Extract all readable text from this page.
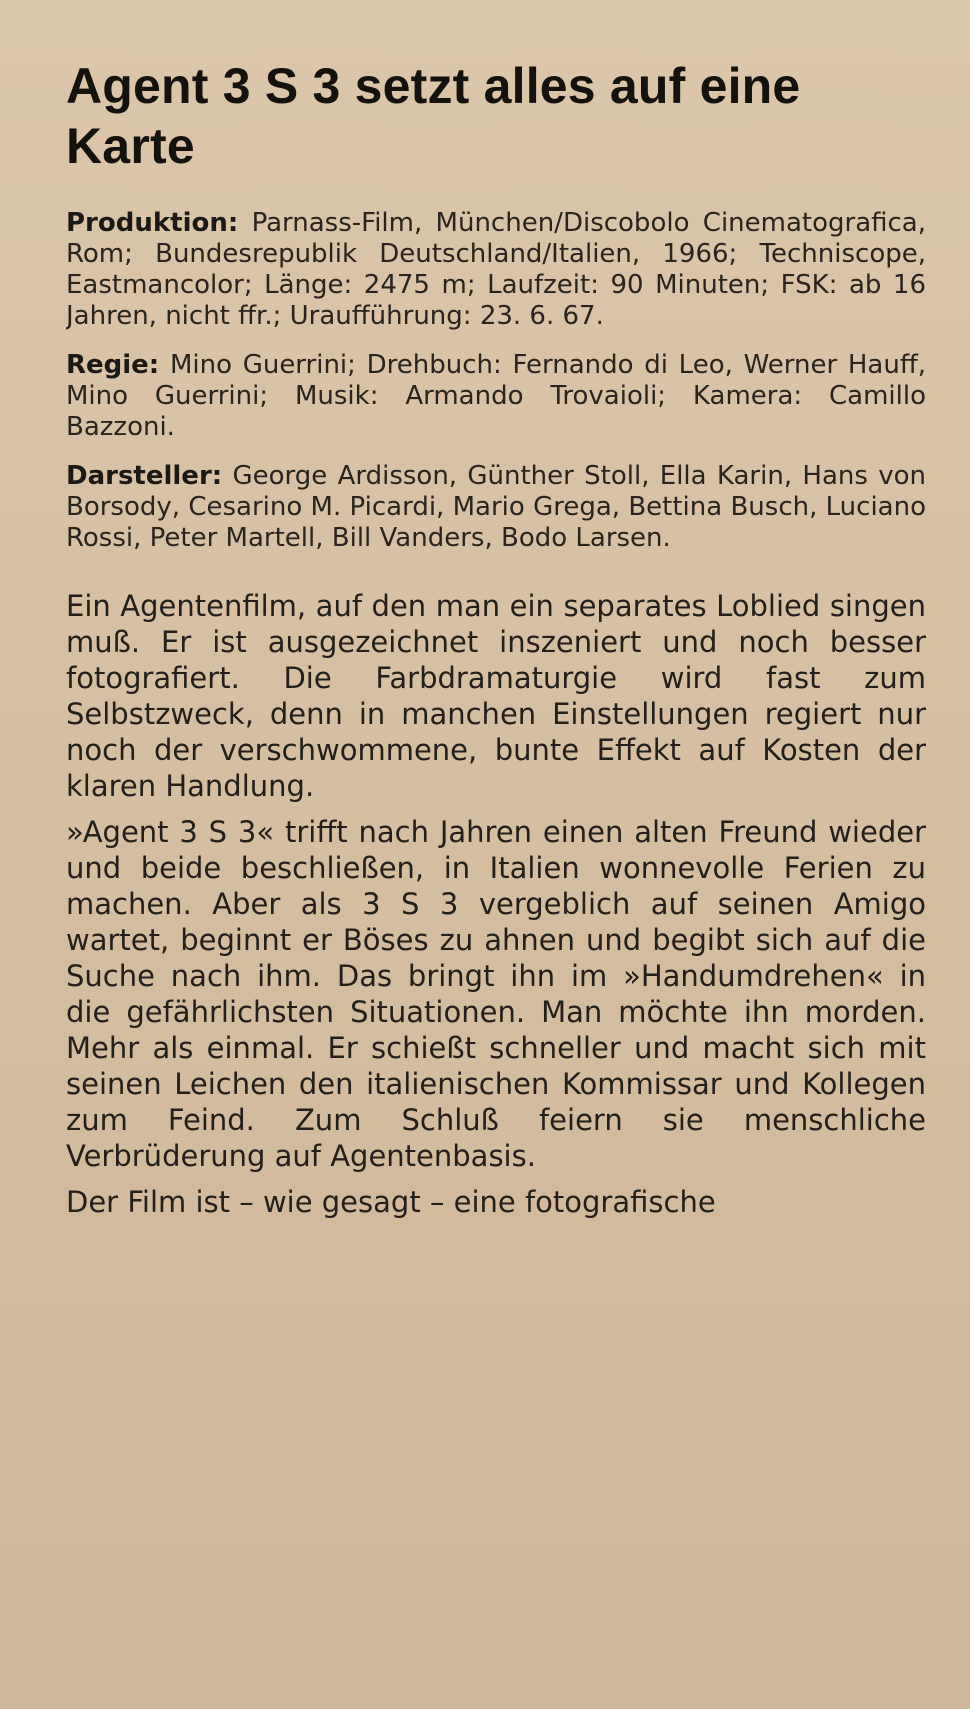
Agent 3 S 3 setzt alles auf eine Karte

Produktion: Parnass-Film, München/Discobolo Cinematografica, Rom; Bundesrepublik Deutschland/Italien, 1966; Techniscope, Eastmancolor; Länge: 2475 m; Laufzeit: 90 Minuten; FSK: ab 16 Jahren, nicht ffr.; Uraufführung: 23. 6. 67.

Regie: Mino Guerrini; Drehbuch: Fernando di Leo, Werner Hauff, Mino Guerrini; Musik: Armando Trovaioli; Kamera: Camillo Bazzoni.

Darsteller: George Ardisson, Günther Stoll, Ella Karin, Hans von Borsody, Cesarino M. Picardi, Mario Grega, Bettina Busch, Luciano Rossi, Peter Martell, Bill Vanders, Bodo Larsen.

Ein Agentenfilm, auf den man ein separates Loblied singen muß. Er ist ausgezeichnet inszeniert und noch besser fotografiert. Die Farbdramaturgie wird fast zum Selbstzweck, denn in manchen Einstellungen regiert nur noch der verschwommene, bunte Effekt auf Kosten der klaren Handlung.

»Agent 3 S 3« trifft nach Jahren einen alten Freund wieder und beide beschließen, in Italien wonnevolle Ferien zu machen. Aber als 3 S 3 vergeblich auf seinen Amigo wartet, beginnt er Böses zu ahnen und begibt sich auf die Suche nach ihm. Das bringt ihn im »Handumdrehen« in die gefährlichsten Situationen. Man möchte ihn morden. Mehr als einmal. Er schießt schneller und macht sich mit seinen Leichen den italienischen Kommissar und Kollegen zum Feind. Zum Schluß feiern sie menschliche Verbrüderung auf Agentenbasis.

Der Film ist – wie gesagt – eine fotografische
